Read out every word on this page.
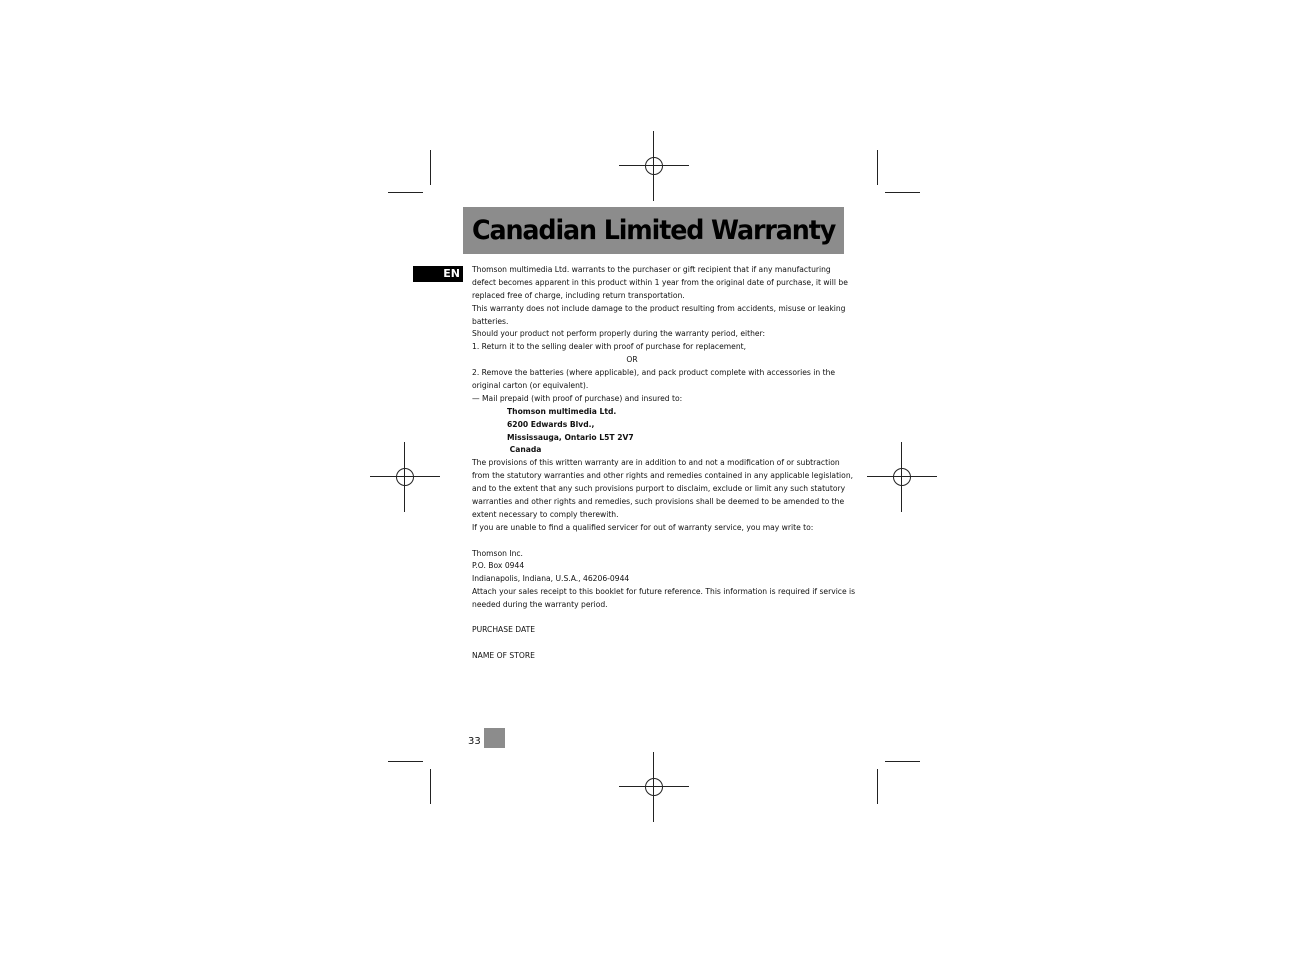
Canadian Limited Warranty
EN	Thomson multimedia Ltd. warrants to the purchaser or gift recipient that if any manufacturing
defect becomes apparent in this product within 1 year from the original date of purchase, it will be
replaced free of charge, including return transportation.
This warranty does not include damage to the product resulting from accidents, misuse or leaking
batteries.
Should your product not perform properly during the warranty period, either:
1. Return it to the selling dealer with proof of purchase for replacement,
OR
2. Remove the batteries (where applicable), and pack product complete with accessories in the
original carton (or equivalent).
— Mail prepaid (with proof of purchase) and insured to:
Thomson multimedia Ltd.
6200 Edwards Blvd.,
Mississauga, Ontario L5T 2V7
Canada
The provisions of this written warranty are in addition to and not a modification of or subtraction
from the statutory warranties and other rights and remedies contained in any applicable legislation,
and to the extent that any such provisions purport to disclaim, exclude or limit any such statutory
warranties and other rights and remedies, such provisions shall be deemed to be amended to the
extent necessary to comply therewith.
If you are unable to find a qualified servicer for out of warranty service, you may write to:
Thomson Inc.
P.O. Box 0944
Indianapolis, Indiana, U.S.A., 46206-0944
Attach your sales receipt to this booklet for future reference. This information is required if service is
needed during the warranty period.
PURCHASE DATE
NAME OF STORE
33
